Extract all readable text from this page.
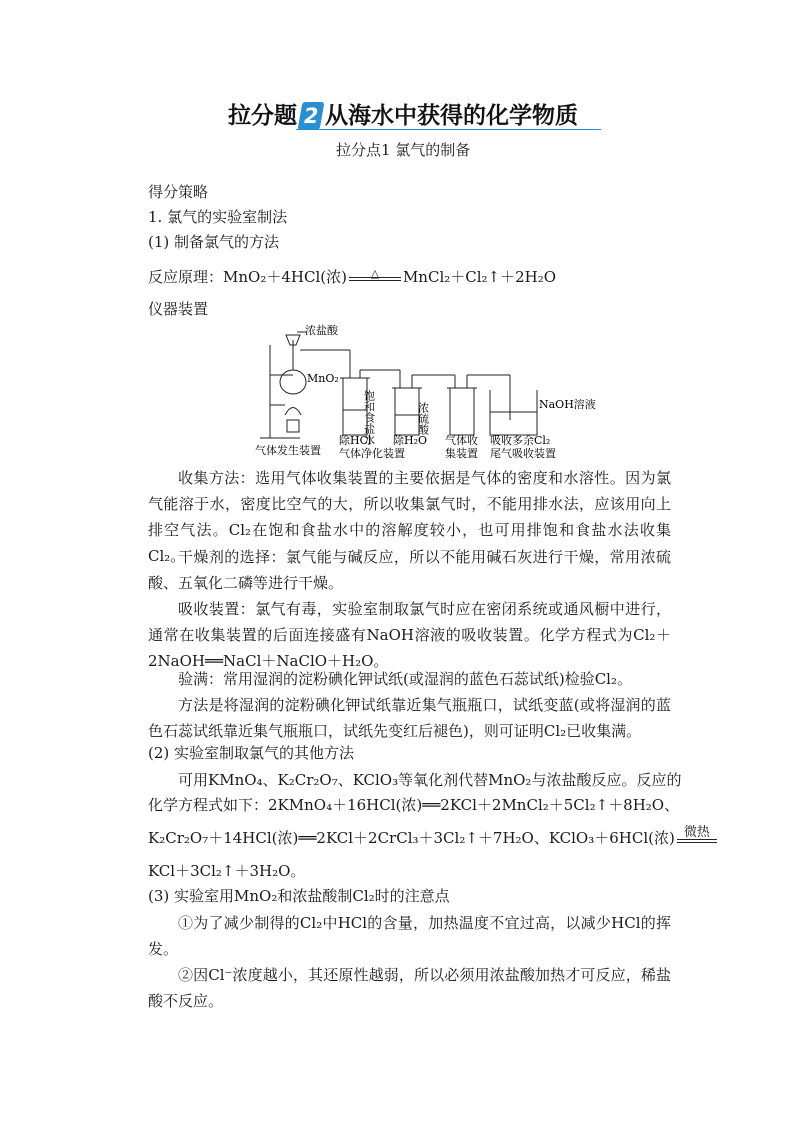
拉分题 2 从海水中获得的化学物质
拉分点1 氯气的制备
得分策略
1. 氯气的实验室制法
(1) 制备氯气的方法
反应原理：MnO₂＋4HCl(浓)	△	MnCl₂＋Cl₂↑＋2H₂O
仪器装置
浓盐酸
MnO₂
饱和食盐水	浓硫酸	NaOH溶液
气体发生装置
除HCl 除H₂O
气体净化装置
气体收
集装置
吸收多余Cl₂
尾气吸收装置
收集方法：选用气体收集装置的主要依据是气体的密度和水溶性。因为氯气能溶于水，密度比空气的大，所以收集氯气时，不能用排水法，应该用向上排空气法。Cl₂在饱和食盐水中的溶解度较小，也可用排饱和食盐水法收集Cl₂。
干燥剂的选择：氯气能与碱反应，所以不能用碱石灰进行干燥，常用浓硫酸、五氧化二磷等进行干燥。
吸收装置：氯气有毒，实验室制取氯气时应在密闭系统或通风橱中进行，通常在收集装置的后面连接盛有NaOH溶液的吸收装置。化学方程式为Cl₂＋2NaOH══NaCl＋NaClO＋H₂O。
验满：常用湿润的淀粉碘化钾试纸(或湿润的蓝色石蕊试纸)检验Cl₂。
方法是将湿润的淀粉碘化钾试纸靠近集气瓶瓶口，试纸变蓝(或将湿润的蓝色石蕊试纸靠近集气瓶瓶口，试纸先变红后褪色)，则可证明Cl₂已收集满。
(2) 实验室制取氯气的其他方法
可用KMnO₄、K₂Cr₂O₇、KClO₃等氧化剂代替MnO₂与浓盐酸反应。反应的
化学方程式如下：2KMnO₄＋16HCl(浓)══2KCl＋2MnCl₂＋5Cl₂↑＋8H₂O、
K₂Cr₂O₇＋14HCl(浓)══2KCl＋2CrCl₃＋3Cl₂↑＋7H₂O、KClO₃＋6HCl(浓) 微热
KCl＋3Cl₂↑＋3H₂O。
(3) 实验室用MnO₂和浓盐酸制Cl₂时的注意点
①为了减少制得的Cl₂中HCl的含量，加热温度不宜过高，以减少HCl的挥发。
②因Cl⁻浓度越小，其还原性越弱，所以必须用浓盐酸加热才可反应，稀盐酸不反应。
